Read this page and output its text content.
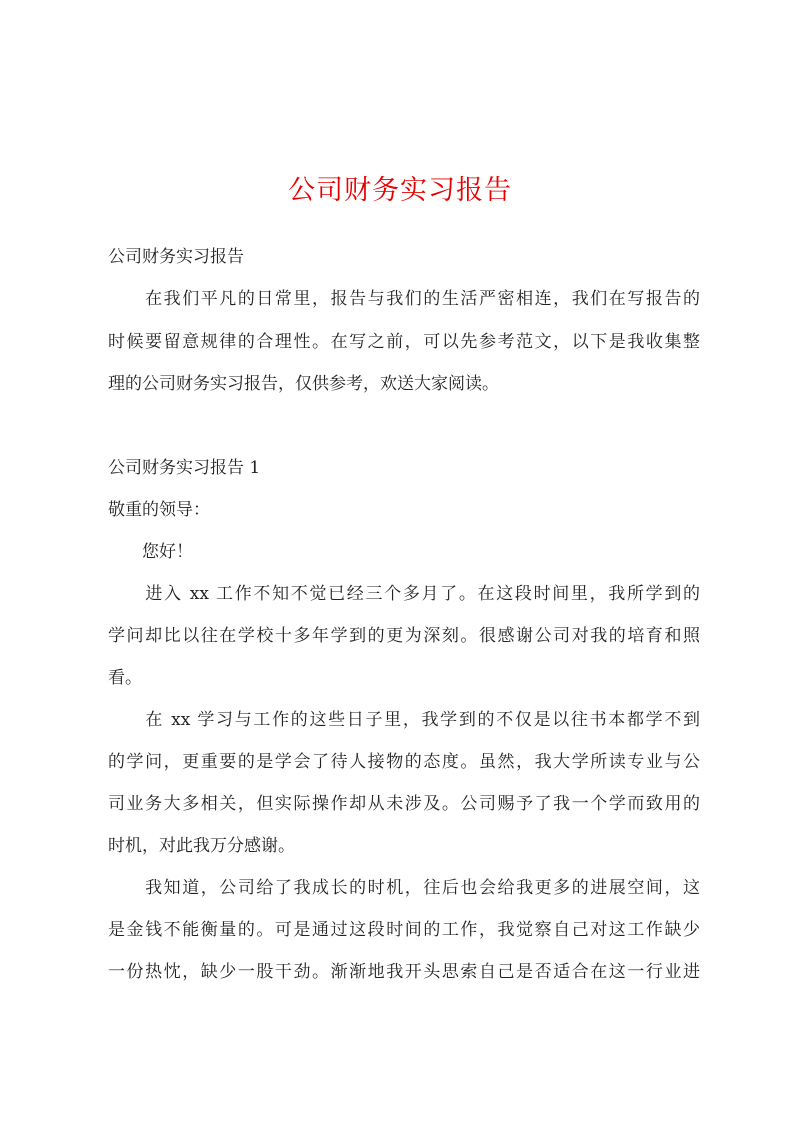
公司财务实习报告
公司财务实习报告
　　在我们平凡的日常里，报告与我们的生活严密相连，我们在写报告的
时候要留意规律的合理性。在写之前，可以先参考范文，以下是我收集整
理的公司财务实习报告，仅供参考，欢送大家阅读。
公司财务实习报告 1
敬重的领导：
　　您好！
　　进入 xx 工作不知不觉已经三个多月了。在这段时间里，我所学到的
学问却比以往在学校十多年学到的更为深刻。很感谢公司对我的培育和照
看。
　　在 xx 学习与工作的这些日子里，我学到的不仅是以往书本都学不到
的学问，更重要的是学会了待人接物的态度。虽然，我大学所读专业与公
司业务大多相关，但实际操作却从未涉及。公司赐予了我一个学而致用的
时机，对此我万分感谢。
　　我知道，公司给了我成长的时机，往后也会给我更多的进展空间，这
是金钱不能衡量的。可是通过这段时间的工作，我觉察自己对这工作缺少
一份热忱，缺少一股干劲。渐渐地我开头思索自己是否适合在这一行业进
